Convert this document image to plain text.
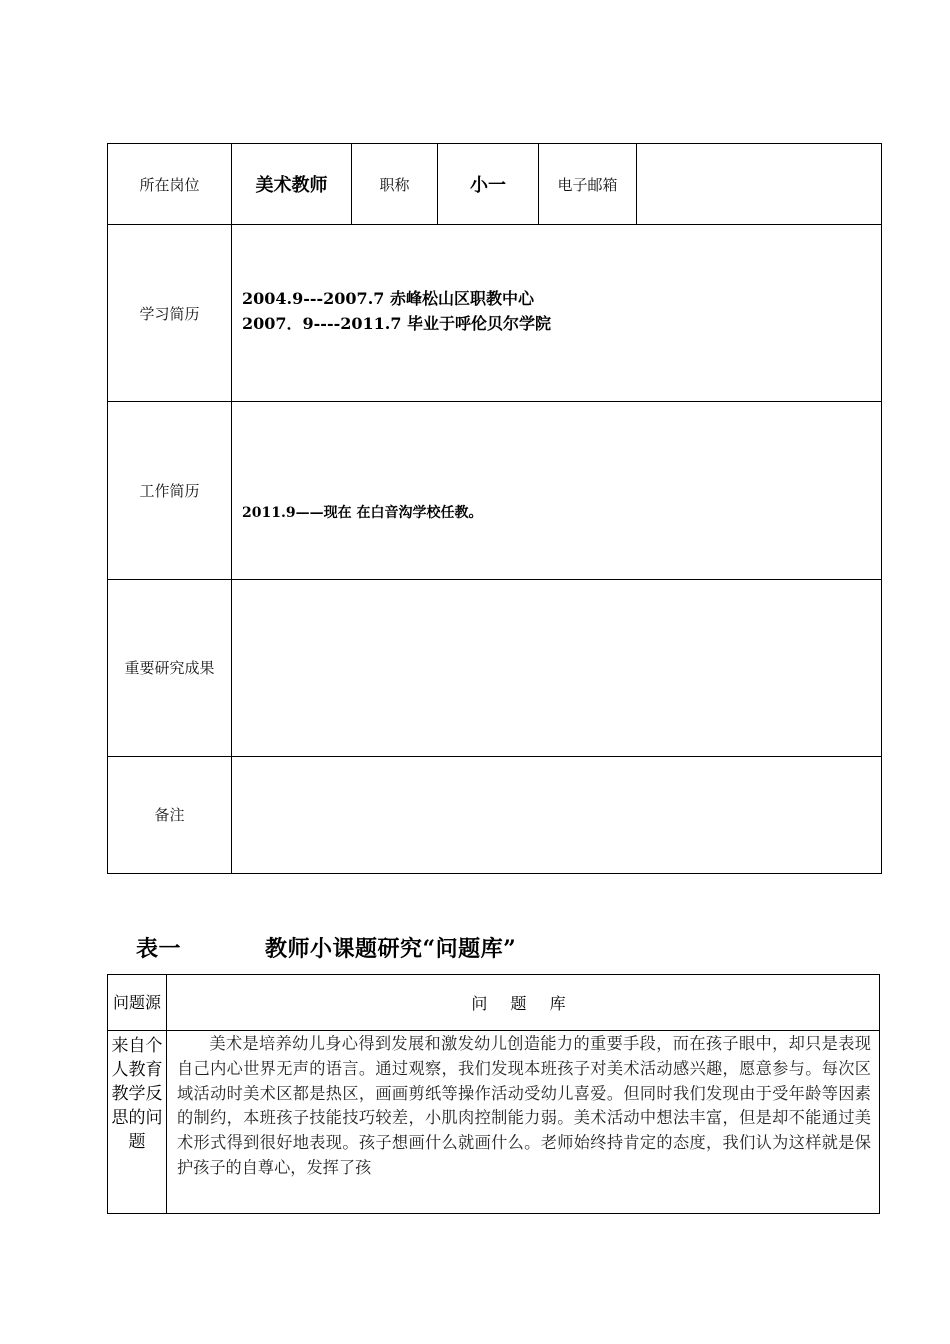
所在岗位	美术教师	职称	小一	电子邮箱	
学习简历	2004.9---2007.7 赤峰松山区职教中心
2007．9----2011.7 毕业于呼伦贝尔学院				

工作简历	2011.9——现在 在白音沟学校任教。				

重要研究成果					
备注					
表一	教师小课题研究“问题库”
问题源	问 题 库
来自个人教育教学反思的问题	美术是培养幼儿身心得到发展和激发幼儿创造能力的重要手段，而在孩子眼中，却只是表现自己内心世界无声的语言。通过观察，我们发现本班孩子对美术活动感兴趣，愿意参与。每次区域活动时美术区都是热区，画画剪纸等操作活动受幼儿喜爱。但同时我们发现由于受年龄等因素的制约，本班孩子技能技巧较差，小肌肉控制能力弱。美术活动中想法丰富，但是却不能通过美术形式得到很好地表现。孩子想画什么就画什么。老师始终持肯定的态度，我们认为这样就是保护孩子的自尊心，发挥了孩
